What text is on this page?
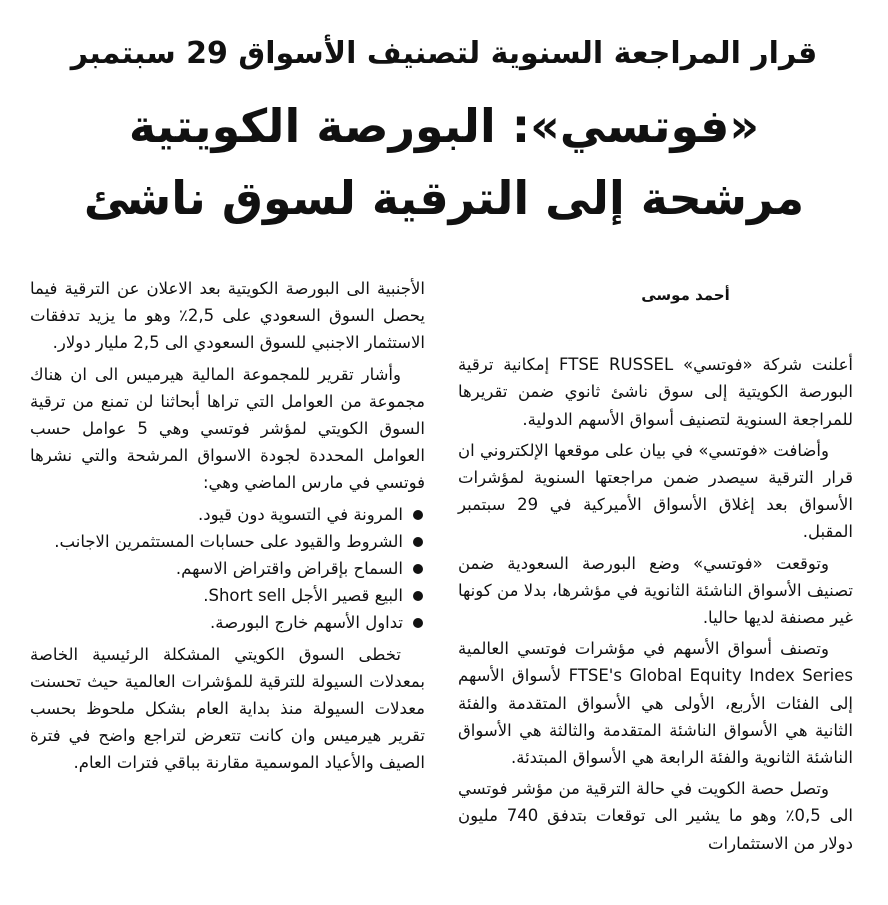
قرار المراجعة السنوية لتصنيف الأسواق 29 سبتمبر
«فوتسي»: البورصة الكويتية
مرشحة إلى الترقية لسوق ناشئ
أحمد موسى

أعلنت شركة «فوتسي» FTSE RUSSEL إمكانية ترقية البورصة الكويتية إلى سوق ناشئ ثانوي ضمن تقريرها للمراجعة السنوية لتصنيف أسواق الأسهم الدولية.

وأضافت «فوتسي» في بيان على موقعها الإلكتروني ان قرار الترقية سيصدر ضمن مراجعتها السنوية لمؤشرات الأسواق بعد إغلاق الأسواق الأميركية في 29 سبتمبر المقبل.

وتوقعت «فوتسي» وضع البورصة السعودية ضمن تصنيف الأسواق الناشئة الثانوية في مؤشرها، بدلا من كونها غير مصنفة لديها حاليا.

وتصنف أسواق الأسهم في مؤشرات فوتسي العالمية FTSE's Global Equity Index Series لأسواق الأسهم إلى الفئات الأربع، الأولى هي الأسواق المتقدمة والفئة الثانية هي الأسواق الناشئة المتقدمة والثالثة هي الأسواق الناشئة الثانوية والفئة الرابعة هي الأسواق المبتدئة.

وتصل حصة الكويت في حالة الترقية من مؤشر فوتسي الى 0,5٪ وهو ما يشير الى توقعات بتدفق 740 مليون دولار من الاستثمارات

الأجنبية الى البورصة الكويتية بعد الاعلان عن الترقية فيما يحصل السوق السعودي على 2,5٪ وهو ما يزيد تدفقات الاستثمار الاجنبي للسوق السعودي الى 2,5 مليار دولار.

وأشار تقرير للمجموعة المالية هيرميس الى ان هناك مجموعة من العوامل التي تراها أبحاثنا لن تمنع من ترقية السوق الكويتي لمؤشر فوتسي وهي 5 عوامل حسب العوامل المحددة لجودة الاسواق المرشحة والتي نشرها فوتسي في مارس الماضي وهي:

المرونة في التسوية دون قيود.
الشروط والقيود على حسابات المستثمرين الاجانب.
السماح بإقراض واقتراض الاسهم.
البيع قصير الأجل Short sell.
تداول الأسهم خارج البورصة.

تخطى السوق الكويتي المشكلة الرئيسية الخاصة بمعدلات السيولة للترقية للمؤشرات العالمية حيث تحسنت معدلات السيولة منذ بداية العام بشكل ملحوظ بحسب تقرير هيرميس وان كانت تتعرض لتراجع واضح في فترة الصيف والأعياد الموسمية مقارنة بباقي فترات العام.
